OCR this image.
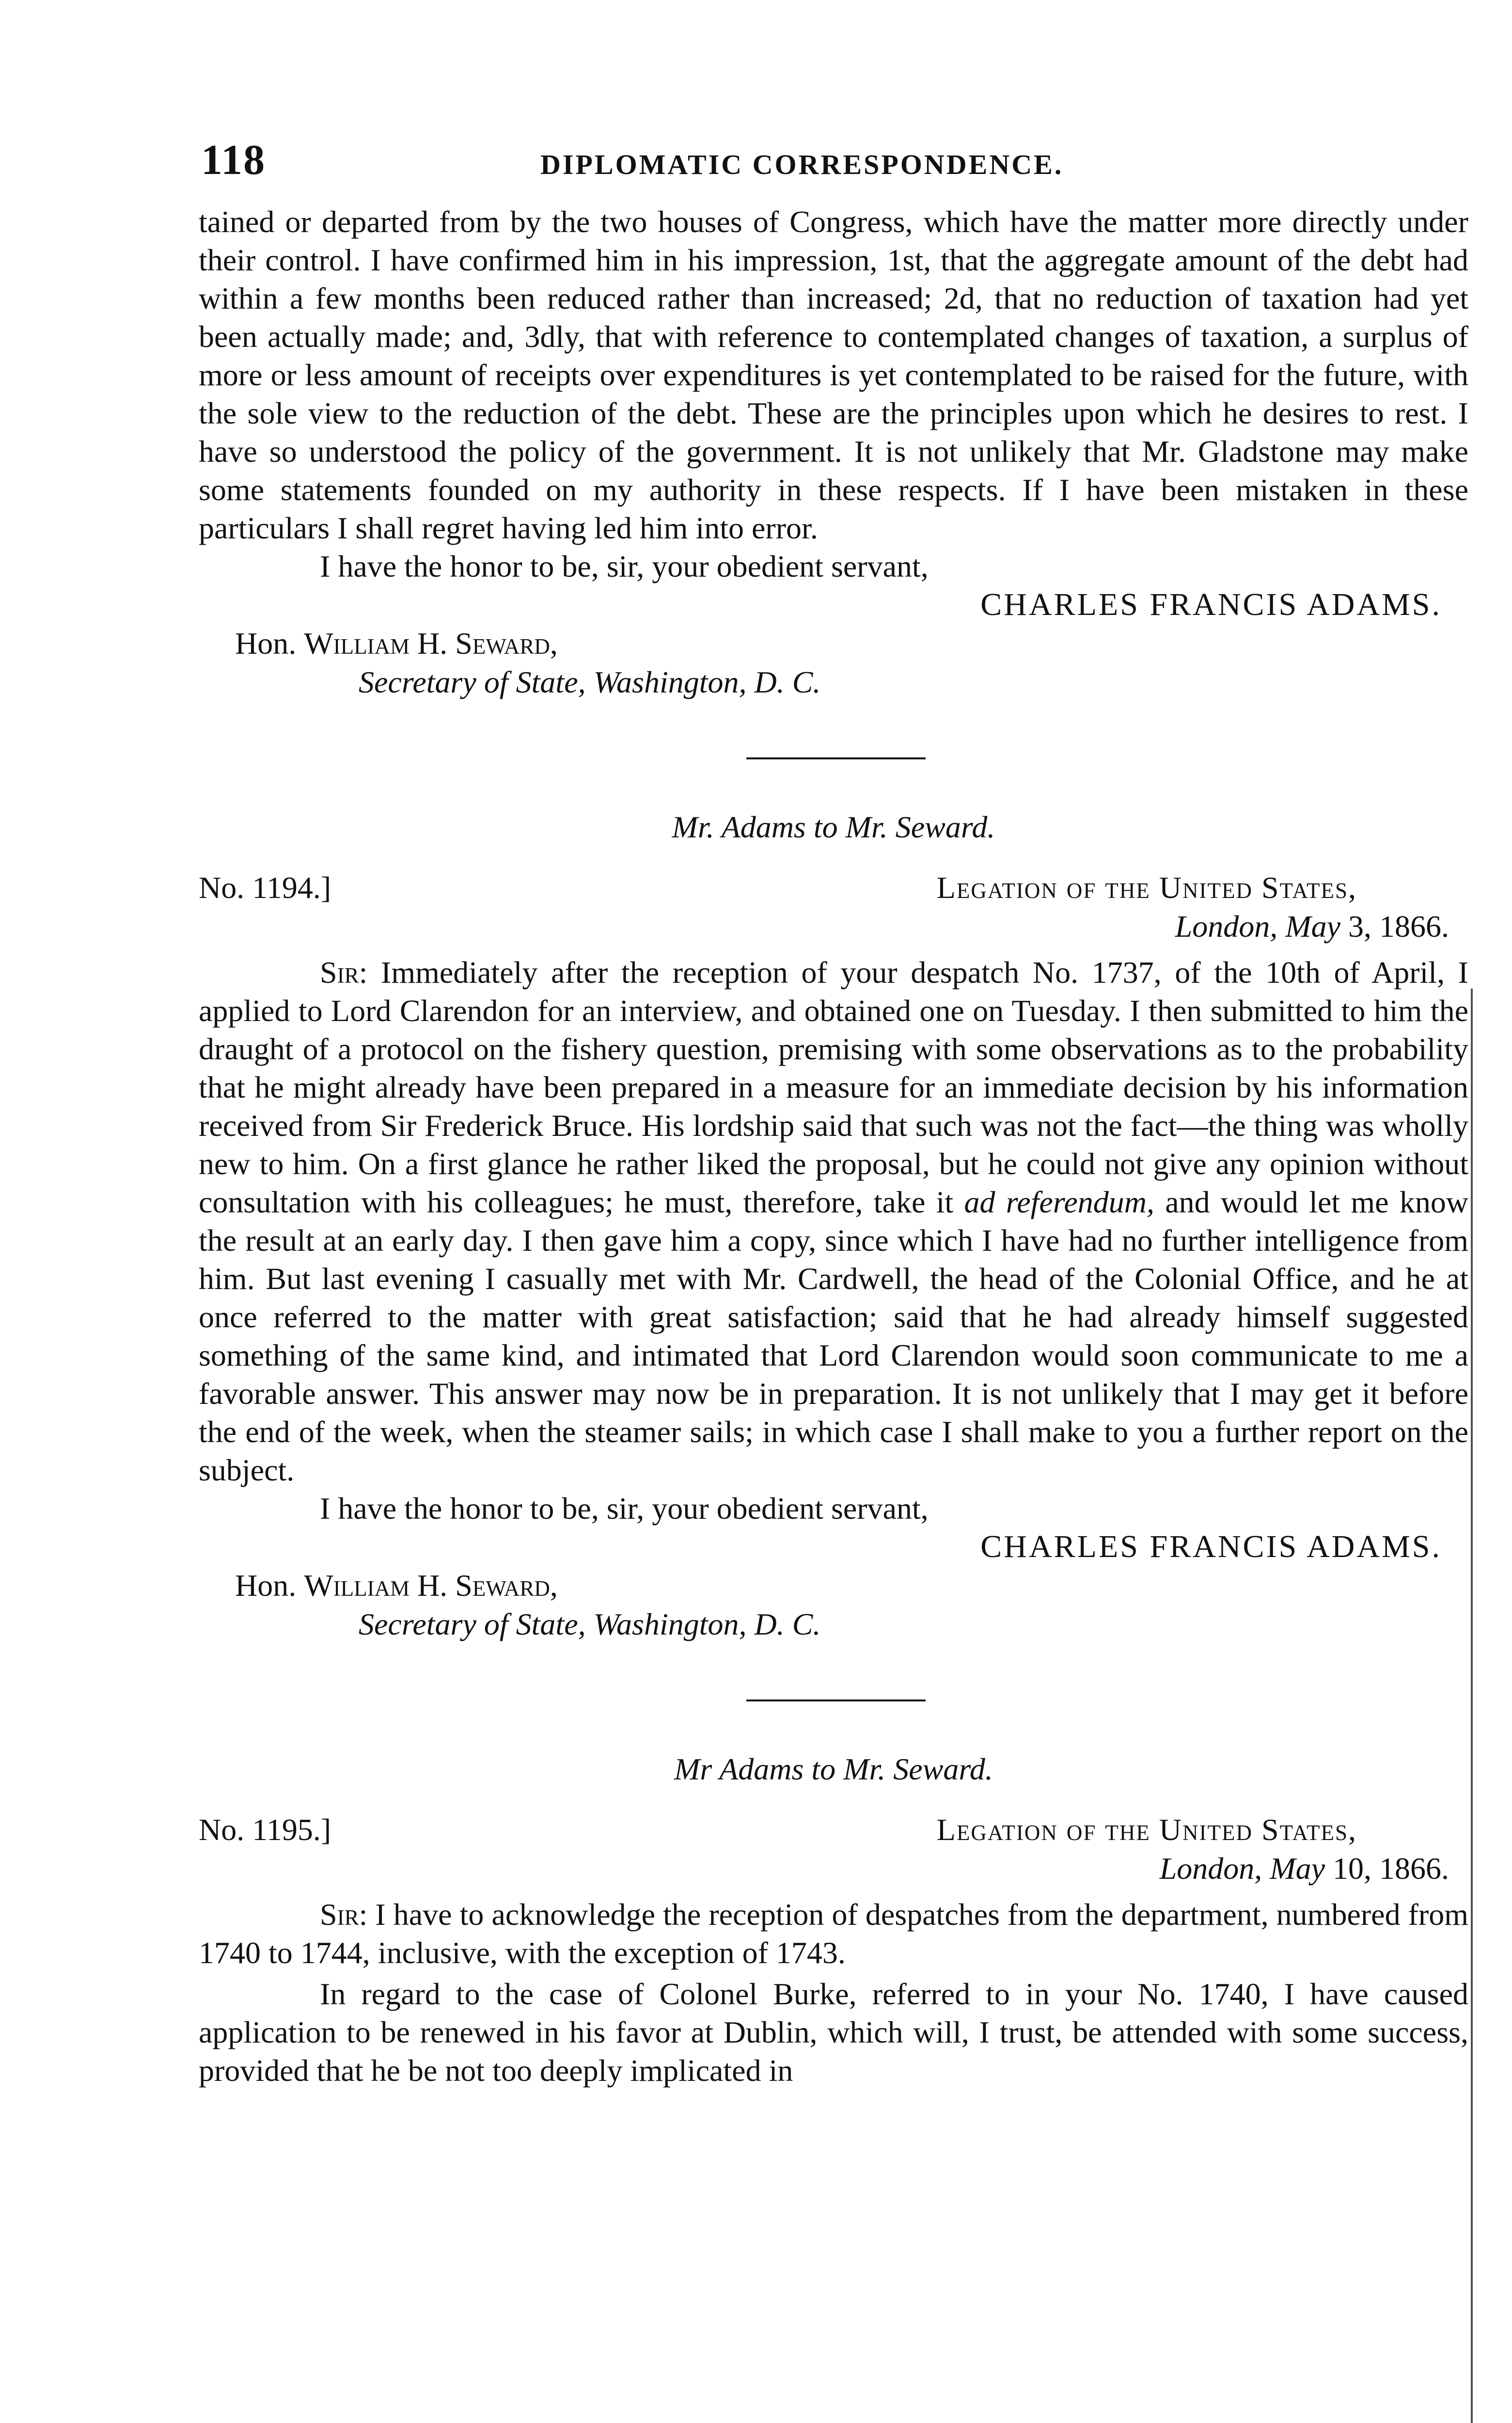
118	DIPLOMATIC CORRESPONDENCE.

tained or departed from by the two houses of Congress, which have the matter more directly under their control. I have confirmed him in his impression, 1st, that the aggregate amount of the debt had within a few months been reduced rather than increased; 2d, that no reduction of taxation had yet been actually made; and, 3dly, that with reference to contemplated changes of taxation, a surplus of more or less amount of receipts over expenditures is yet contemplated to be raised for the future, with the sole view to the reduction of the debt. These are the principles upon which he desires to rest. I have so understood the policy of the government. It is not unlikely that Mr. Gladstone may make some statements founded on my authority in these respects. If I have been mistaken in these particulars I shall regret having led him into error.

I have the honor to be, sir, your obedient servant,

CHARLES FRANCIS ADAMS.

Hon. William H. Seward,

Secretary of State, Washington, D. C.

Mr. Adams to Mr. Seward.

No. 1194.]	Legation of the United States,
London, May 3, 1866.

Sir: Immediately after the reception of your despatch No. 1737, of the 10th of April, I applied to Lord Clarendon for an interview, and obtained one on Tuesday. I then submitted to him the draught of a protocol on the fishery question, premising with some observations as to the probability that he might already have been prepared in a measure for an immediate decision by his information received from Sir Frederick Bruce. His lordship said that such was not the fact—the thing was wholly new to him. On a first glance he rather liked the proposal, but he could not give any opinion without consultation with his colleagues; he must, therefore, take it ad referendum, and would let me know the result at an early day. I then gave him a copy, since which I have had no further intelligence from him. But last evening I casually met with Mr. Cardwell, the head of the Colonial Office, and he at once referred to the matter with great satisfaction; said that he had already himself suggested something of the same kind, and intimated that Lord Clarendon would soon communicate to me a favorable answer. This answer may now be in preparation. It is not unlikely that I may get it before the end of the week, when the steamer sails; in which case I shall make to you a further report on the subject.

I have the honor to be, sir, your obedient servant,

CHARLES FRANCIS ADAMS.

Hon. William H. Seward,

Secretary of State, Washington, D. C.

Mr Adams to Mr. Seward.

No. 1195.]	Legation of the United States,
London, May 10, 1866.

Sir: I have to acknowledge the reception of despatches from the department, numbered from 1740 to 1744, inclusive, with the exception of 1743.

In regard to the case of Colonel Burke, referred to in your No. 1740, I have caused application to be renewed in his favor at Dublin, which will, I trust, be attended with some success, provided that he be not too deeply implicated in
